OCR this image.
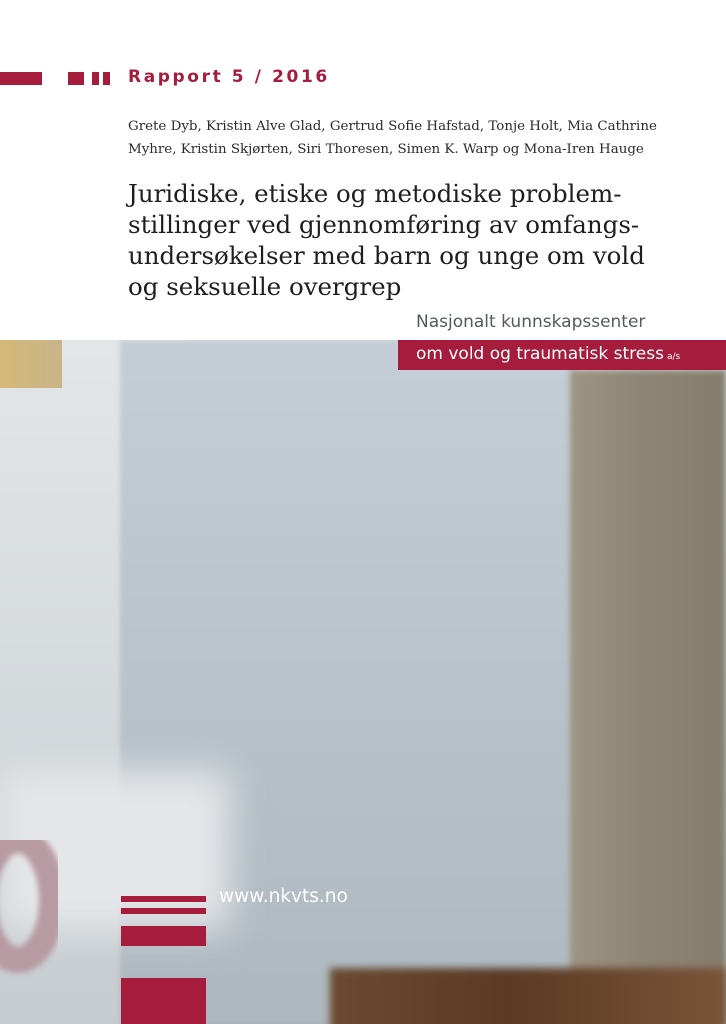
Rapport 5 / 2016
Grete Dyb, Kristin Alve Glad, Gertrud Sofie Hafstad, Tonje Holt, Mia Cathrine
Myhre, Kristin Skjørten, Siri Thoresen, Simen K. Warp og Mona-Iren Hauge
Juridiske, etiske og metodiske problem-
stillinger ved gjennomføring av omfangs-
undersøkelser med barn og unge om vold
og seksuelle overgrep
Nasjonalt kunnskapssenter
om vold og traumatisk stress a/s
www.nkvts.no
